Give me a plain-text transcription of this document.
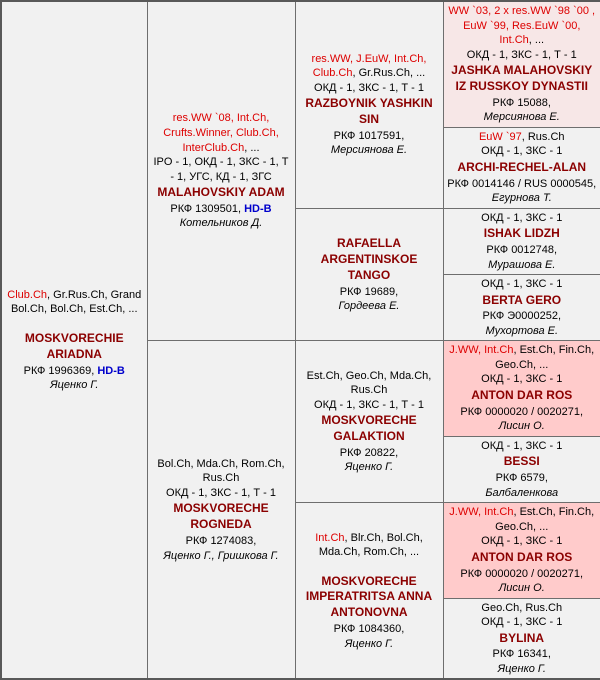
Club.Ch, Gr.Rus.Ch, Grand Bol.Ch, Bol.Ch, Est.Ch, ...
MOSKVORECHIE ARIADNA
РКФ 1996369, HD-B
Яценко Г.

res.WW `08, Int.Ch, Crufts.Winner, Club.Ch, InterClub.Ch, ...
IPO - 1, ОКД - 1, ЗКС - 1, Т - 1, УГС, КД - 1, ЗГС
MALAHOVSKIY ADAM
РКФ 1309501, HD-B
Котельников Д.

res.WW, J.EuW, Int.Ch, Club.Ch, Gr.Rus.Ch, ...
ОКД - 1, ЗКС - 1, Т - 1
RAZBOYNIK YASHKIN SIN
РКФ 1017591,
Мерсиянова Е.

WW `03, 2 x res.WW `98 `00 , EuW `99, Res.EuW `00, Int.Ch, ...
ОКД - 1, ЗКС - 1, Т - 1
JASHKA MALAHOVSKIY IZ RUSSKOY DYNASTII
РКФ 15088,
Мерсиянова Е.

			EuW `97, Rus.Ch
ОКД - 1, ЗКС - 1
ARCHI-RECHEL-ALAN
РКФ 0014146 / RUS 0000545,
Егурнова Т.

RAFAELLA ARGENTINSKOE TANGO
РКФ 19689,
Гордеева Е.

ОКД - 1, ЗКС - 1
ISHAK LIDZH
РКФ 0012748,
Мурашова Е.

			ОКД - 1, ЗКС - 1
BERTA GERO
РКФ Э0000252,
Мухортова Е.

Bol.Ch, Mda.Ch, Rom.Ch, Rus.Ch
ОКД - 1, ЗКС - 1, Т - 1
MOSKVORECHE ROGNEDA
РКФ 1274083,
Яценко Г., Гришкова Г.

Est.Ch, Geo.Ch, Mda.Ch, Rus.Ch
ОКД - 1, ЗКС - 1, Т - 1
MOSKVORECHE GALAKTION
РКФ 20822,
Яценко Г.

J.WW, Int.Ch, Est.Ch, Fin.Ch, Geo.Ch, ...
ОКД - 1, ЗКС - 1
ANTON DAR ROS
РКФ 0000020 / 0020271,
Лисин О.

			ОКД - 1, ЗКС - 1
BESSI
РКФ 6579,
Балбаленкова

Int.Ch, Blr.Ch, Bol.Ch, Mda.Ch, Rom.Ch, ...
MOSKVORECHE IMPERATRITSA ANNA ANTONOVNA
РКФ 1084360,
Яценко Г.

J.WW, Int.Ch, Est.Ch, Fin.Ch, Geo.Ch, ...
ОКД - 1, ЗКС - 1
ANTON DAR ROS
РКФ 0000020 / 0020271,
Лисин О.

			Geo.Ch, Rus.Ch
ОКД - 1, ЗКС - 1
BYLINA
РКФ 16341,
Яценко Г.
